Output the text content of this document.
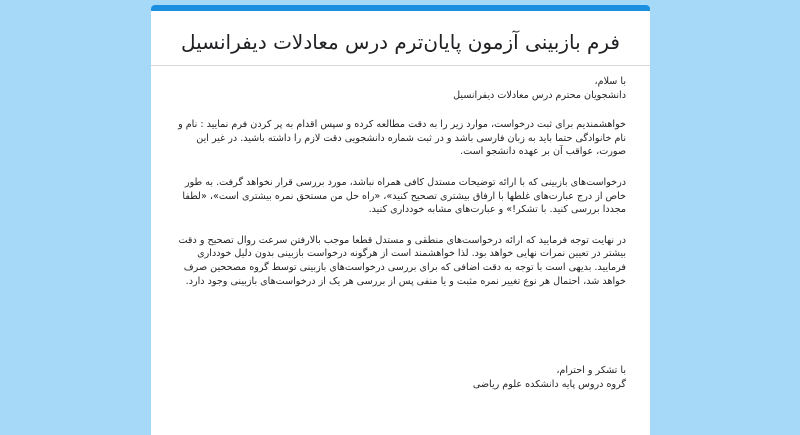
فرم بازبینی آزمون پایان‌ترم درس معادلات دیفرانسیل

با سلام،

دانشجویان محترم درس معادلات دیفرانسیل

خواهشمندیم برای ثبت درخواست، موارد زیر را به دقت مطالعه کرده و سپس اقدام به پر کردن فرم نمایید : نام و نام خانوادگی حتما باید به زبان فارسی باشد و در ثبت شماره دانشجویی دقت لازم را داشته باشید. در غیر این صورت، عواقب آن بر عهده دانشجو است.

درخواست‌های بازبینی که با ارائه توضیحات مستدل کافی همراه نباشد، مورد بررسی قرار نخواهد گرفت. به طور خاص از درج عبارت‌های غلطها با ارفاق بیشتری تصحیح کنید»، «راه حل من مستحق نمره بیشتری است»، «لطفا مجددا بررسی کنید. با تشکر!» و عبارت‌های مشابه خودداری کنید.

در نهایت توجه فرمایید که ارائه درخواست‌های منطقی و مستدل قطعا موجب بالارفتن سرعت روال تصحیح و دقت بیشتر در تعیین نمرات نهایی خواهد بود. لذا خواهشمند است از هرگونه درخواست بازبینی بدون دلیل خودداری فرمایید. بدیهی است با توجه به دقت اضافی که برای بررسی درخواست‌های بازبینی توسط گروه مصححین صرف خواهد شد، احتمال هر نوع تغییر نمره مثبت و یا منفی پس از بررسی هر یک از درخواست‌های بازبینی وجود دارد.

با تشکر و احترام،

گروه دروس پایه دانشکده علوم ریاضی
